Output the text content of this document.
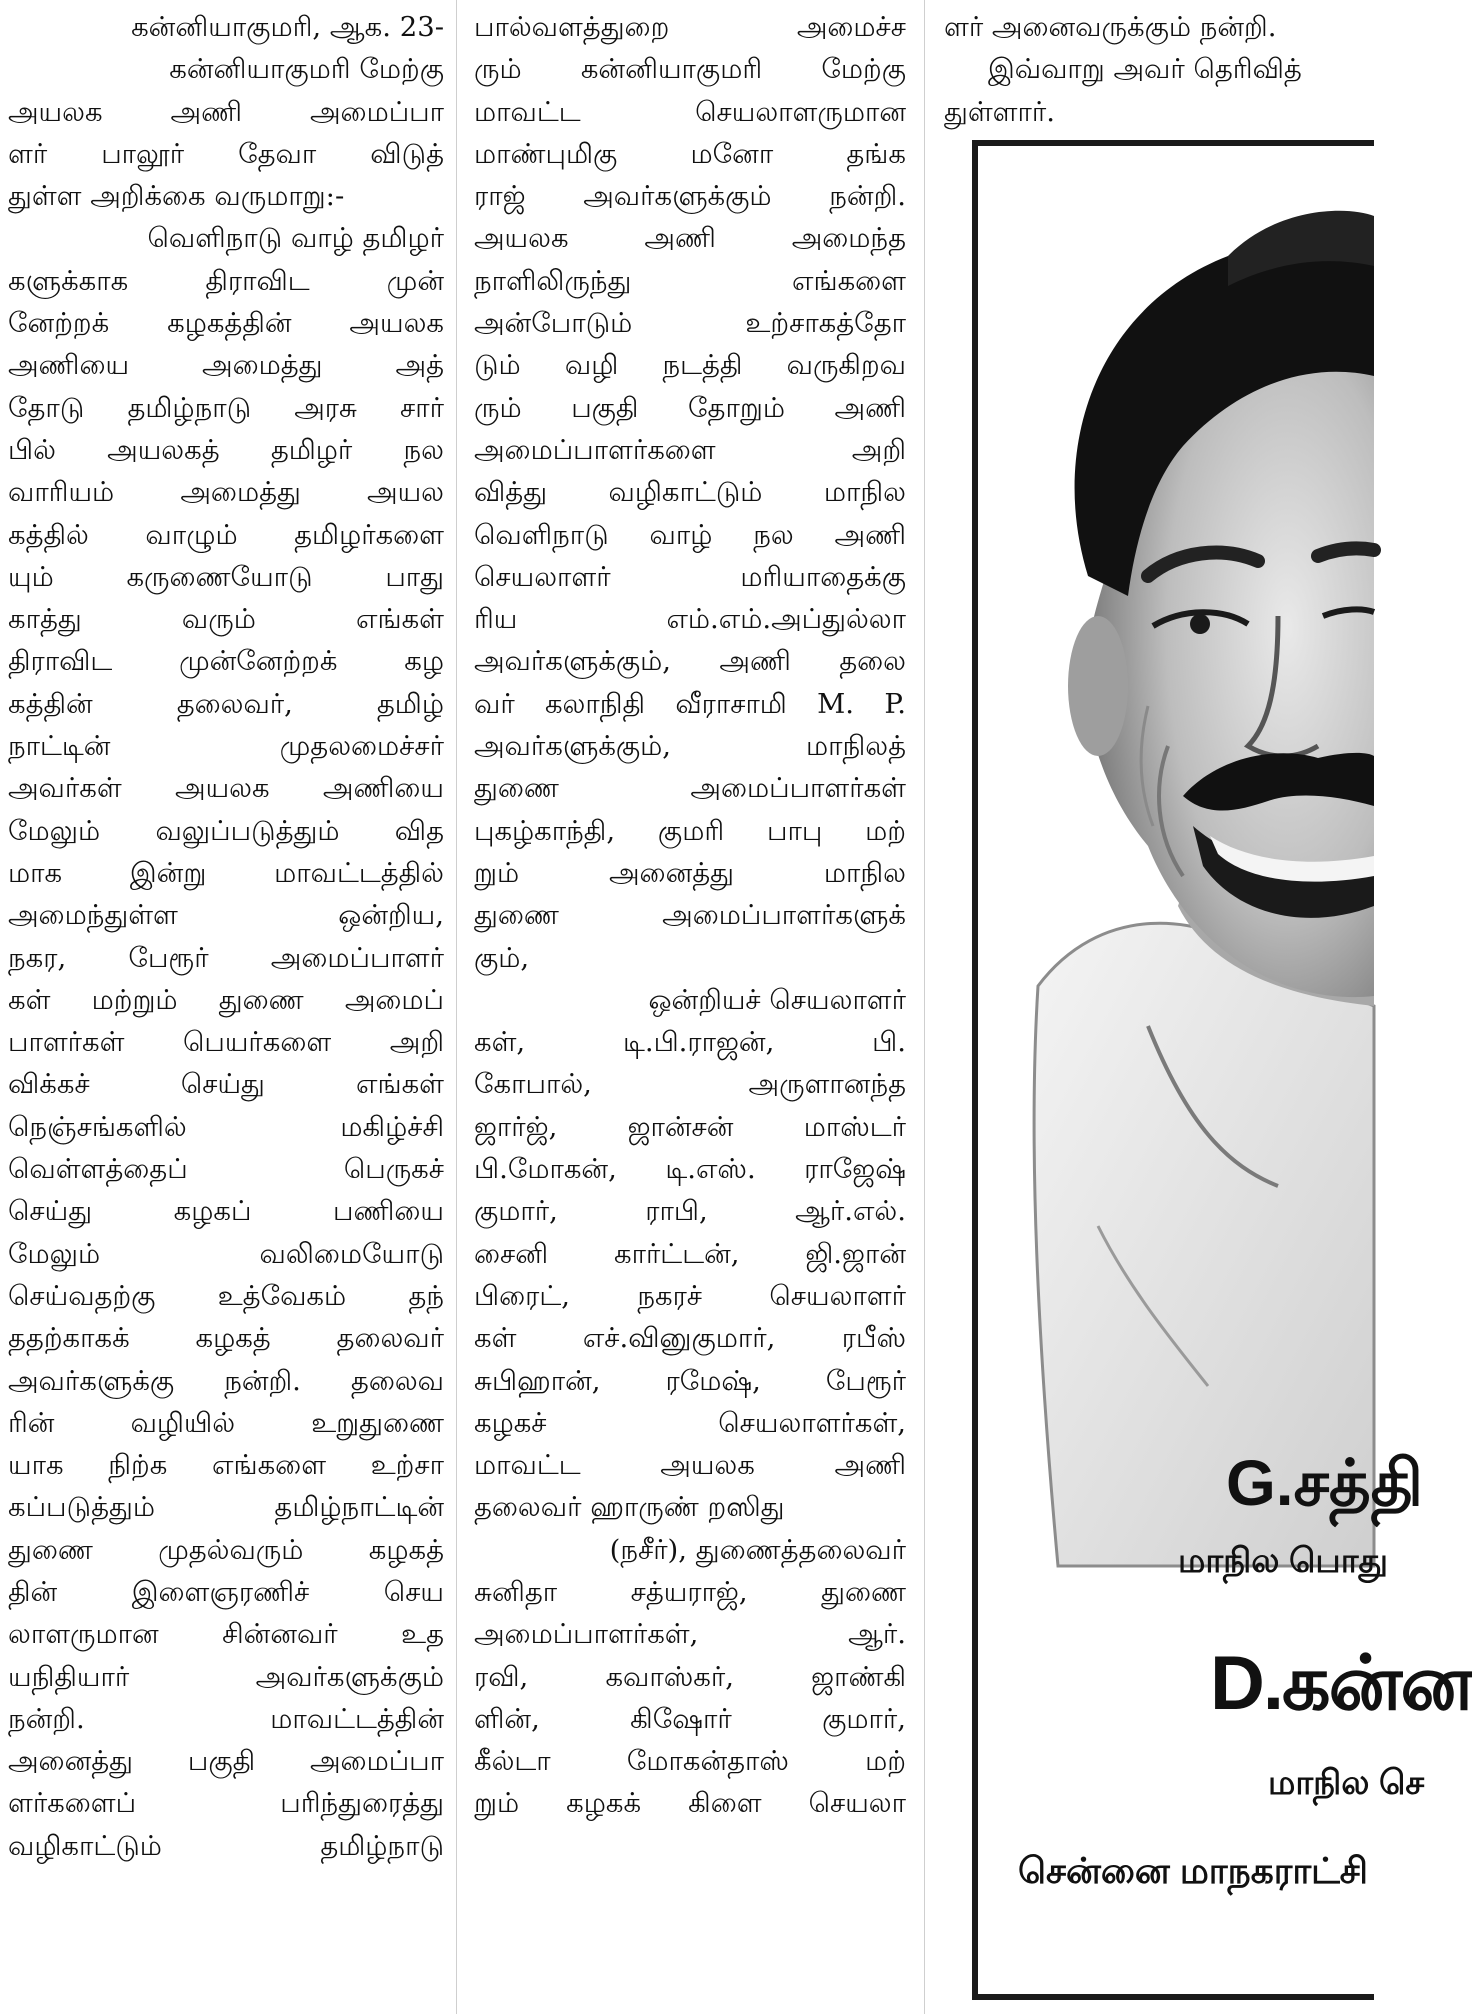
கன்னியாகுமரி, ஆக. 23-
கன்னியாகுமரி மேற்கு
அயலக அணி அமைப்பா
ளர் பாலூர் தேவா விடுத்
துள்ள அறிக்கை வருமாறு:-
வெளிநாடு வாழ் தமிழர்
களுக்காக திராவிட முன்
னேற்றக் கழகத்தின் அயலக
அணியை அமைத்து அத்
தோடு தமிழ்நாடு அரசு சார்
பில் அயலகத் தமிழர் நல
வாரியம் அமைத்து அயல
கத்தில் வாழும் தமிழர்களை
யும் கருணையோடு பாது
காத்து வரும் எங்கள்
திராவிட முன்னேற்றக் கழ
கத்தின் தலைவர், தமிழ்
நாட்டின் முதலமைச்சர்
அவர்கள் அயலக அணியை
மேலும் வலுப்படுத்தும் வித
மாக இன்று மாவட்டத்தில்
அமைந்துள்ள ஒன்றிய,
நகர, பேரூர் அமைப்பாளர்
கள் மற்றும் துணை அமைப்
பாளர்கள் பெயர்களை அறி
விக்கச் செய்து எங்கள்
நெஞ்சங்களில் மகிழ்ச்சி
வெள்ளத்தைப் பெருகச்
செய்து கழகப் பணியை
மேலும் வலிமையோடு
செய்வதற்கு உத்வேகம் தந்
ததற்காகக் கழகத் தலைவர்
அவர்களுக்கு நன்றி. தலைவ
ரின் வழியில் உறுதுணை
யாக நிற்க எங்களை உற்சா
கப்படுத்தும் தமிழ்நாட்டின்
துணை முதல்வரும் கழகத்
தின் இளைஞரணிச் செய
லாளருமான சின்னவர் உத
யநிதியார் அவர்களுக்கும்
நன்றி. மாவட்டத்தின்
அனைத்து பகுதி அமைப்பா
ளர்களைப் பரிந்துரைத்து
வழிகாட்டும் தமிழ்நாடு
பால்வளத்துறை அமைச்ச
ரும் கன்னியாகுமரி மேற்கு
மாவட்ட செயலாளருமான
மாண்புமிகு மனோ தங்க
ராஜ் அவர்களுக்கும் நன்றி.
அயலக அணி அமைந்த
நாளிலிருந்து எங்களை
அன்போடும் உற்சாகத்தோ
டும் வழி நடத்தி வருகிறவ
ரும் பகுதி தோறும் அணி
அமைப்பாளர்களை அறி
வித்து வழிகாட்டும் மாநில
வெளிநாடு வாழ் நல அணி
செயலாளர் மரியாதைக்கு
ரிய எம்.எம்.அப்துல்லா
அவர்களுக்கும், அணி தலை
வர் கலாநிதி வீராசாமி M. P.
அவர்களுக்கும், மாநிலத்
துணை அமைப்பாளர்கள்
புகழ்காந்தி, குமரி பாபு மற்
றும் அனைத்து மாநில
துணை அமைப்பாளர்களுக்
கும்,
ஒன்றியச் செயலாளர்
கள், டி.பி.ராஜன், பி.
கோபால், அருளானந்த
ஜார்ஜ், ஜான்சன் மாஸ்டர்
பி.மோகன், டி.எஸ். ராஜேஷ்
குமார், ராபி, ஆர்.எல்.
சைனி கார்ட்டன், ஜி.ஜான்
பிரைட், நகரச் செயலாளர்
கள் எச்.வினுகுமார், ரபீஸ்
சுபிஹான், ரமேஷ், பேரூர்
கழகச் செயலாளர்கள்,
மாவட்ட அயலக அணி
தலைவர் ஹாருண் றஸிது
(நசீர்), துணைத்தலைவர்
சுனிதா சத்யராஜ், துணை
அமைப்பாளர்கள், ஆர்.
ரவி, கவாஸ்கர், ஜாண்கி
ளின், கிஷோர் குமார்,
கீல்டா மோகன்தாஸ் மற்
றும் கழகக் கிளை செயலா
ளர் அனைவருக்கும் நன்றி.
இவ்வாறு அவர் தெரிவித்
துள்ளார்.
G.சத்தி
மாநில பொது
D.கன்ன
மாநில செ
சென்னை மாநகராட்சி
